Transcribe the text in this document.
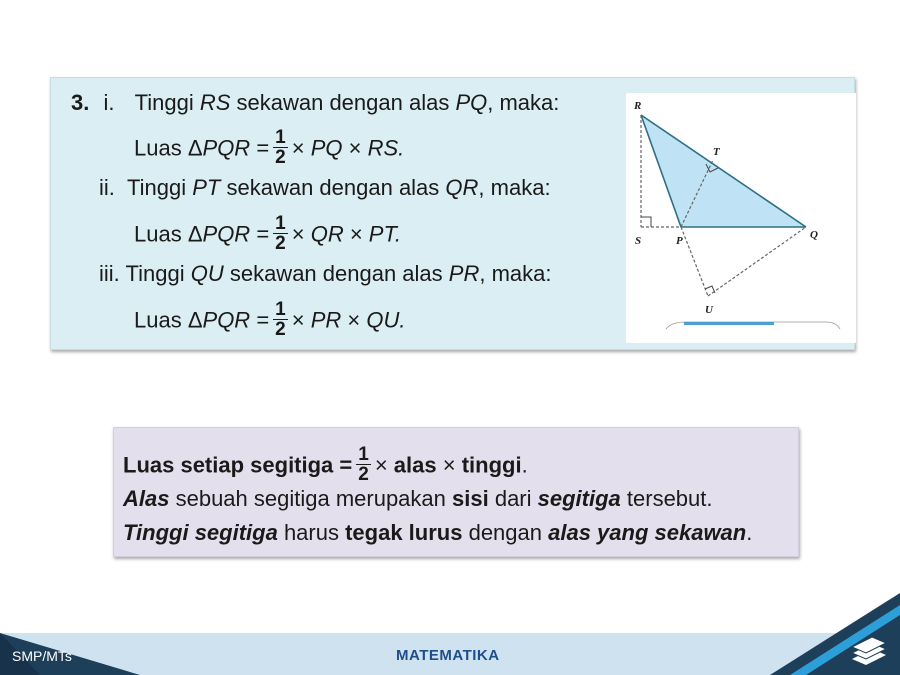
3. i. Tinggi RS sekawan dengan alas PQ, maka:
Luas $\Delta PQR = \frac{1}{2}$ × PQ × RS.
ii. Tinggi PT sekawan dengan alas QR, maka:
Luas $\Delta PQR = \frac{1}{2}$ × QR × PT.
iii. Tinggi QU sekawan dengan alas PR, maka:
Luas $\Delta PQR = \frac{1}{2}$ × PR × QU.
R
T
S	P	Q
U
Luas setiap segitiga = $\frac{1}{2}$ × alas × tinggi.
Alas sebuah segitiga merupakan sisi dari segitiga tersebut.
Tinggi segitiga harus tegak lurus dengan alas yang sekawan.
SMP/MTs	MATEMATIKA
